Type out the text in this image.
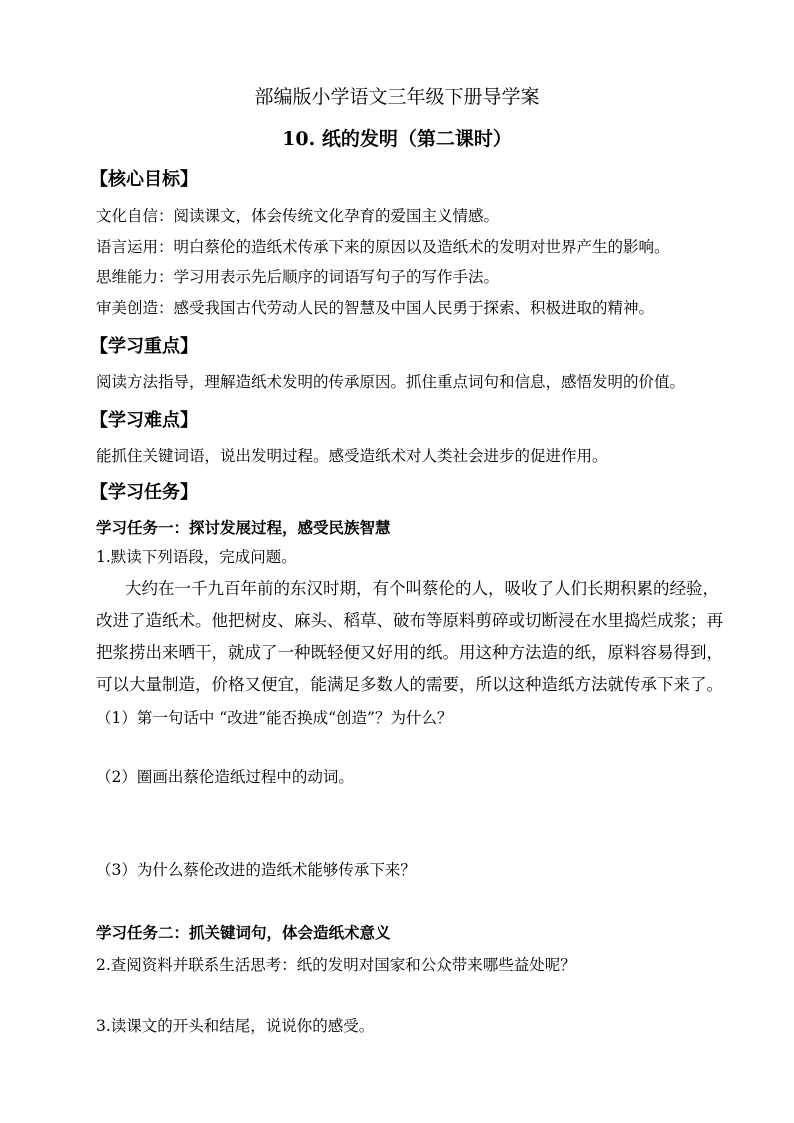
部编版小学语文三年级下册导学案
10. 纸的发明（第二课时）
【核心目标】
文化自信：阅读课文，体会传统文化孕育的爱国主义情感。
语言运用：明白蔡伦的造纸术传承下来的原因以及造纸术的发明对世界产生的影响。
思维能力：学习用表示先后顺序的词语写句子的写作手法。
审美创造：感受我国古代劳动人民的智慧及中国人民勇于探索、积极进取的精神。
【学习重点】
阅读方法指导，理解造纸术发明的传承原因。抓住重点词句和信息，感悟发明的价值。
【学习难点】
能抓住关键词语，说出发明过程。感受造纸术对人类社会进步的促进作用。
【学习任务】
学习任务一：探讨发展过程，感受民族智慧
1.默读下列语段，完成问题。
大约在一千九百年前的东汉时期，有个叫蔡伦的人，吸收了人们长期积累的经验，
改进了造纸术。他把树皮、麻头、稻草、破布等原料剪碎或切断浸在水里捣烂成浆；再
把浆捞出来晒干，就成了一种既轻便又好用的纸。用这种方法造的纸，原料容易得到，
可以大量制造，价格又便宜，能满足多数人的需要，所以这种造纸方法就传承下来了。
（1）第一句话中 “改进”能否换成“创造”？为什么？
（2）圈画出蔡伦造纸过程中的动词。
（3）为什么蔡伦改进的造纸术能够传承下来？
学习任务二：抓关键词句，体会造纸术意义
2.查阅资料并联系生活思考：纸的发明对国家和公众带来哪些益处呢？
3.读课文的开头和结尾，说说你的感受。
